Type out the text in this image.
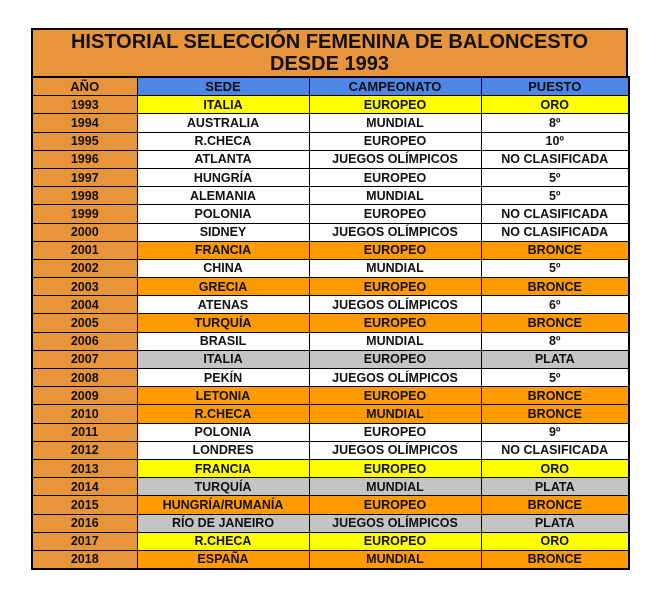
HISTORIAL SELECCIÓN FEMENINA DE BALONCESTO
DESDE 1993
AÑO	SEDE	CAMPEONATO	PUESTO
1993	ITALIA	EUROPEO	ORO
1994	AUSTRALIA	MUNDIAL	8º
1995	R.CHECA	EUROPEO	10º
1996	ATLANTA	JUEGOS OLÍMPICOS	NO CLASIFICADA
1997	HUNGRÍA	EUROPEO	5º
1998	ALEMANIA	MUNDIAL	5º
1999	POLONIA	EUROPEO	NO CLASIFICADA
2000	SIDNEY	JUEGOS OLÍMPICOS	NO CLASIFICADA
2001	FRANCIA	EUROPEO	BRONCE
2002	CHINA	MUNDIAL	5º
2003	GRECIA	EUROPEO	BRONCE
2004	ATENAS	JUEGOS OLÍMPICOS	6º
2005	TURQUÍA	EUROPEO	BRONCE
2006	BRASIL	MUNDIAL	8º
2007	ITALIA	EUROPEO	PLATA
2008	PEKÍN	JUEGOS OLÍMPICOS	5º
2009	LETONIA	EUROPEO	BRONCE
2010	R.CHECA	MUNDIAL	BRONCE
2011	POLONIA	EUROPEO	9º
2012	LONDRES	JUEGOS OLÍMPICOS	NO CLASIFICADA
2013	FRANCIA	EUROPEO	ORO
2014	TURQUÍA	MUNDIAL	PLATA
2015	HUNGRÍA/RUMANÍA	EUROPEO	BRONCE
2016	RÍO DE JANEIRO	JUEGOS OLÍMPICOS	PLATA
2017	R.CHECA	EUROPEO	ORO
2018	ESPAÑA	MUNDIAL	BRONCE
